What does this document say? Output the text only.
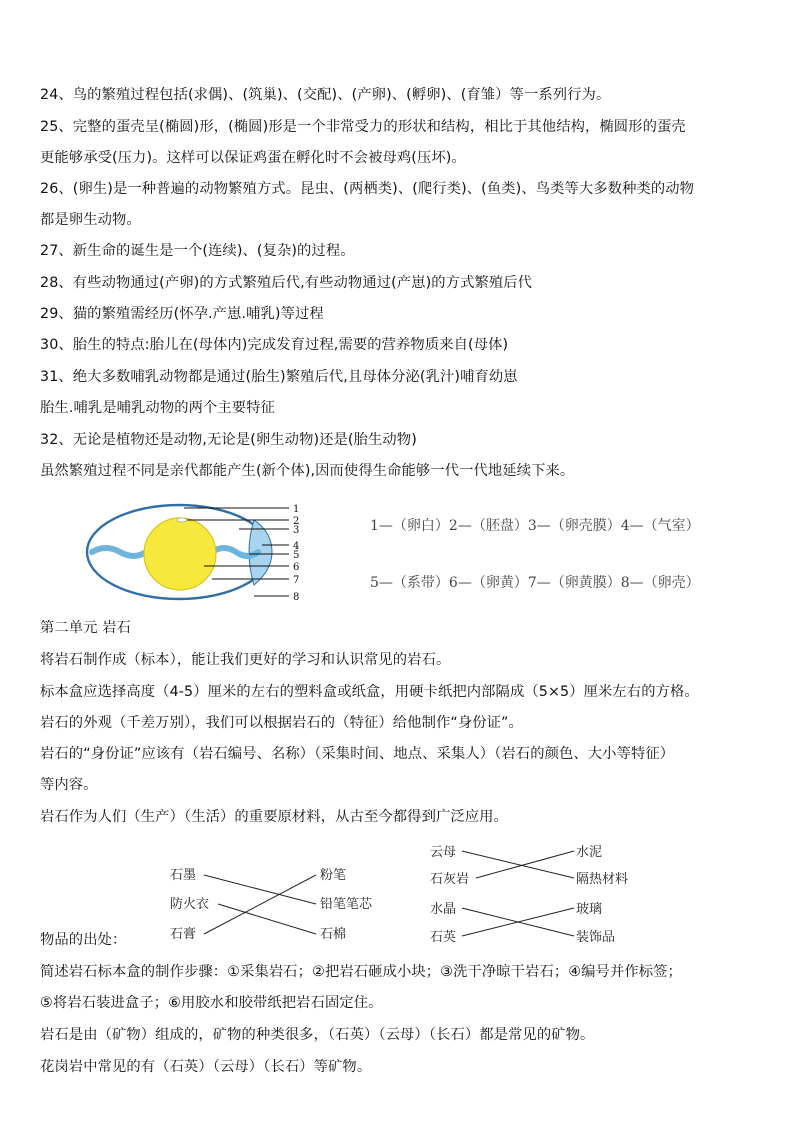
24、鸟的繁殖过程包括(求偶)、(筑巢)、(交配)、(产卵)、(孵卵)、(育雏）等一系列行为。
25、完整的蛋壳呈(椭圆)形，(椭圆)形是一个非常受力的形状和结构，相比于其他结构，椭圆形的蛋壳
更能够承受(压力)。这样可以保证鸡蛋在孵化时不会被母鸡(压坏)。
26、(卵生)是一种普遍的动物繁殖方式。昆虫、(两栖类)、(爬行类)、(鱼类)、鸟类等大多数种类的动物
都是卵生动物。
27、新生命的诞生是一个(连续)、(复杂)的过程。
28、有些动物通过(产卵)的方式繁殖后代,有些动物通过(产崽)的方式繁殖后代
29、猫的繁殖需经历(怀孕.产崽.哺乳)等过程
30、胎生的特点:胎儿在(母体内)完成发育过程,需要的营养物质来自(母体)
31、绝大多数哺乳动物都是通过(胎生)繁殖后代,且母体分泌(乳汁)哺育幼崽
胎生.哺乳是哺乳动物的两个主要特征
32、无论是植物还是动物,无论是(卵生动物)还是(胎生动物)
虽然繁殖过程不同是亲代都能产生(新个体),因而使得生命能够一代一代地延续下来。
1
2
3
4
5
6
7
8
1—（卵白）2—（胚盘）3—（卵壳膜）4—（气室）
5—（系带）6—（卵黄）7—（卵黄膜）8—（卵壳）
第二单元 岩石
将岩石制作成（标本），能让我们更好的学习和认识常见的岩石。
标本盒应选择高度（4-5）厘米的左右的塑料盒或纸盒，用硬卡纸把内部隔成（5×5）厘米左右的方格。
岩石的外观（千差万别），我们可以根据岩石的（特征）给他制作“身份证”。
岩石的“身份证”应该有（岩石编号、名称）（采集时间、地点、采集人）（岩石的颜色、大小等特征）
等内容。
岩石作为人们（生产）（生活）的重要原材料，从古至今都得到广泛应用。
物品的出处：
简述岩石标本盒的制作步骤：①采集岩石；②把岩石砸成小块；③洗干净晾干岩石；④编号并作标签；
⑤将岩石装进盒子；⑥用胶水和胶带纸把岩石固定住。
岩石是由（矿物）组成的，矿物的种类很多，（石英）（云母）（长石）都是常见的矿物。
花岗岩中常见的有（石英）（云母）（长石）等矿物。
石墨
防火衣
石膏
粉笔
铅笔笔芯
石棉
云母
石灰岩
水晶
石英
水泥
隔热材料
玻璃
装饰品
